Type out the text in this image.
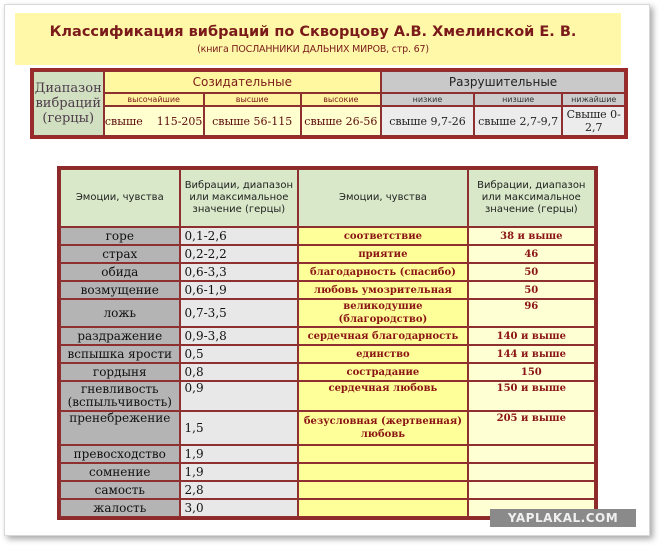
Классификация вибраций по Скворцову А.В. Хмелинской Е. В.
(книга ПОСЛАННИКИ ДАЛЬНИХ МИРОВ, стр. 67)
Диапазон вибраций (герцы)	Созидательные			Разрушительные		
	высочайшие	высшие	высокие	низкие	низшие	нижайшие
	свыше    115-205	свыше 56-115	свыше 26-56	свыше 9,7-26	свыше 2,7-9,7	Свыше 0-2,7
Эмоции, чувства	Вибрации, диапазон или максимальное значение (герцы)	Эмоции, чувства	Вибрации, диапазон или максимальное значение (герцы)
горе	0,1-2,6	соответствие	38 и выше
страх	0,2-2,2	приятие	46
обида	0,6-3,3	благодарность (спасибо)	50
возмущение	0,6-1,9	любовь умозрительная	50
ложь	0,7-3,5	великодушие (благородство)	96
раздражение	0,9-3,8	сердечная благодарность	140 и выше
вспышка ярости	0,5	единство	144 и выше
гордыня	0,8	сострадание	150
гневливость (вспыльчивость)	0,9	сердечная любовь	150 и выше
пренебрежение	1,5	безусловная (жертвенная) любовь	205 и выше
превосходство	1,9		
сомнение	1,9		
самость	2,8		
жалость	3,0		
YAPLAKAL.COM
